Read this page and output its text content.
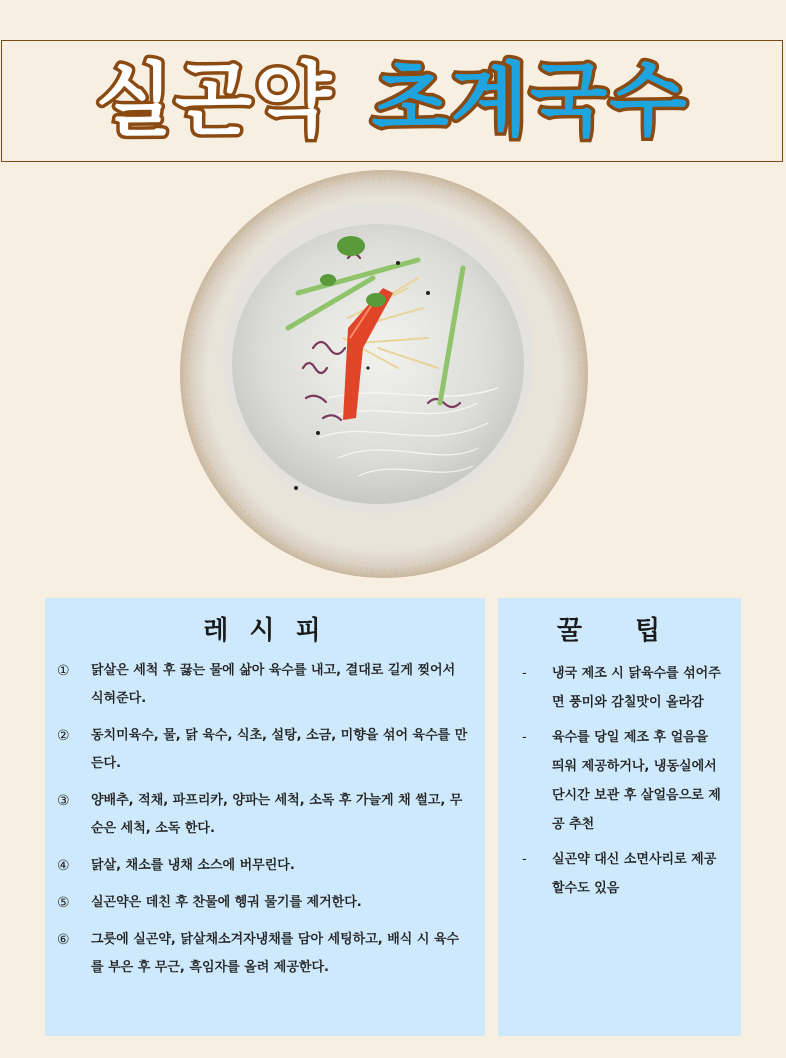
실곤약 초계국수
레 시 피
① 닭살은 세척 후 끓는 물에 삶아 육수를 내고, 결대로 길게 찢어서 식혀준다.
② 동치미육수, 물, 닭 육수, 식초, 설탕, 소금, 미향을 섞어 육수를 만든다.
③ 양배추, 적채, 파프리카, 양파는 세척, 소독 후 가늘게 채 썰고, 무순은 세척, 소독 한다.
④ 닭살, 채소를 냉채 소스에 버무린다.
⑤ 실곤약은 데친 후 찬물에 헹궈 물기를 제거한다.
⑥ 그릇에 실곤약, 닭살채소겨자냉채를 담아 세팅하고, 배식 시 육수를 부은 후 무근, 흑임자를 올려 제공한다.
꿀 팁
- 냉국 제조 시 닭육수를 섞어주면 풍미와 감칠맛이 올라감
- 육수를 당일 제조 후 얼음을 띄워 제공하거나, 냉동실에서 단시간 보관 후 살얼음으로 제공 추천
- 실곤약 대신 소면사리로 제공할수도 있음
